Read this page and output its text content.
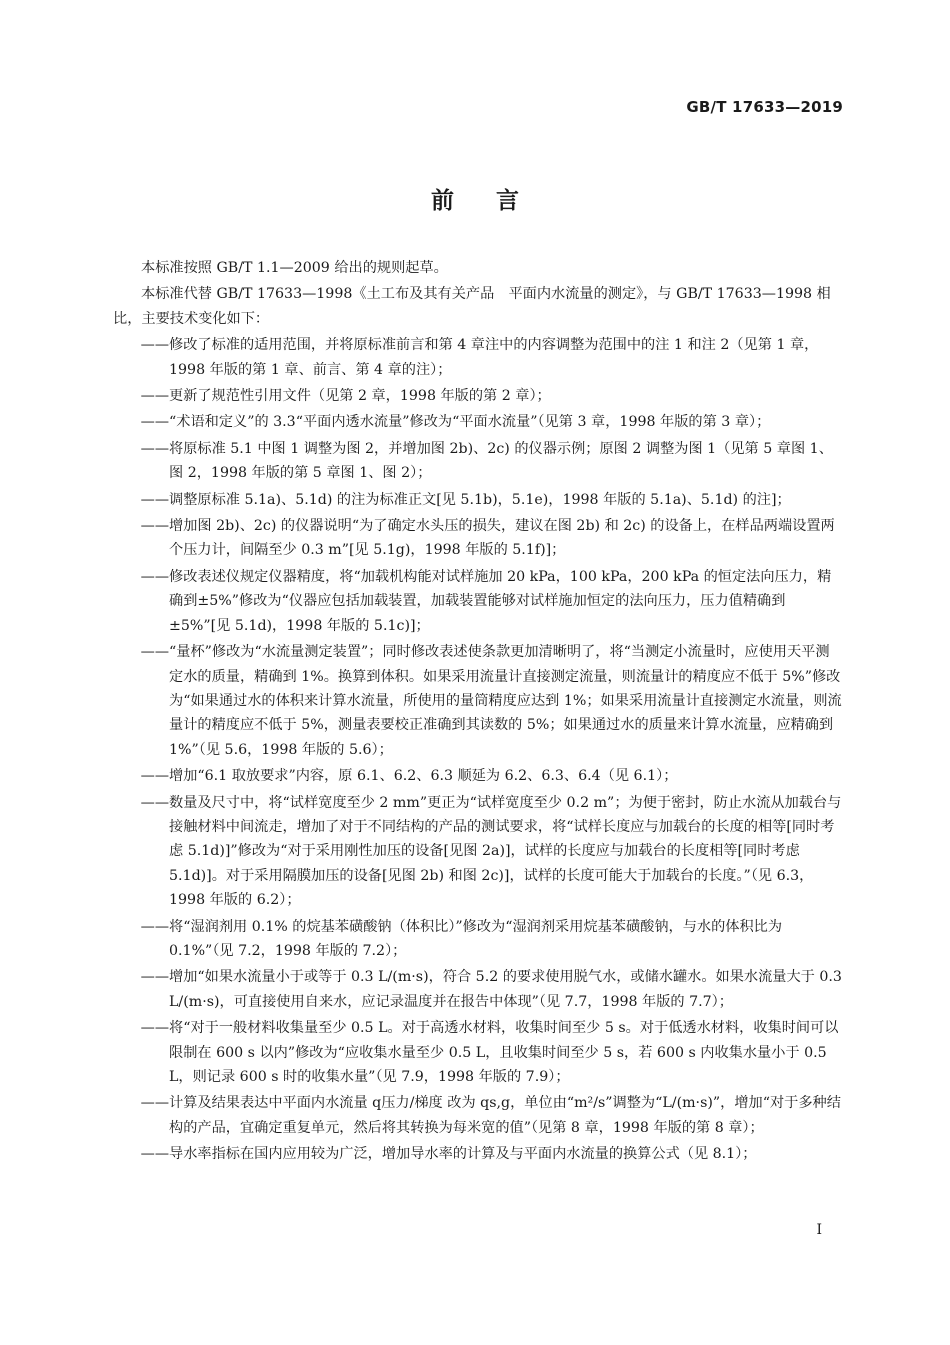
GB/T 17633—2019
前言

本标准按照 GB/T 1.1—2009 给出的规则起草。

本标准代替 GB/T 17633—1998《土工布及其有关产品　平面内水流量的测定》，与 GB/T 17633—1998 相比，主要技术变化如下：

—— 修改了标准的适用范围，并将原标准前言和第 4 章注中的内容调整为范围中的注 1 和注 2（见第 1 章，1998 年版的第 1 章、前言、第 4 章的注）；
—— 更新了规范性引用文件（见第 2 章，1998 年版的第 2 章）；
—— “术语和定义”的 3.3“平面内透水流量”修改为“平面水流量”（见第 3 章，1998 年版的第 3 章）；
—— 将原标准 5.1 中图 1 调整为图 2，并增加图 2b)、2c) 的仪器示例；原图 2 调整为图 1（见第 5 章图 1、图 2，1998 年版的第 5 章图 1、图 2）；
—— 调整原标准 5.1a)、5.1d) 的注为标准正文[见 5.1b)，5.1e)，1998 年版的 5.1a)、5.1d) 的注]；
—— 增加图 2b)、2c) 的仪器说明“为了确定水头压的损失，建议在图 2b) 和 2c) 的设备上，在样品两端设置两个压力计，间隔至少 0.3 m”[见 5.1g)，1998 年版的 5.1f)]；
—— 修改表述仪规定仪器精度，将“加载机构能对试样施加 20 kPa，100 kPa，200 kPa 的恒定法向压力，精确到±5%”修改为“仪器应包括加载装置，加载装置能够对试样施加恒定的法向压力，压力值精确到±5%”[见 5.1d)，1998 年版的 5.1c)]；
—— “量杯”修改为“水流量测定装置”；同时修改表述使条款更加清晰明了，将“当测定小流量时，应使用天平测定水的质量，精确到 1%。换算到体积。如果采用流量计直接测定流量，则流量计的精度应不低于 5%”修改为“如果通过水的体积来计算水流量，所使用的量筒精度应达到 1%；如果采用流量计直接测定水流量，则流量计的精度应不低于 5%，测量表要校正准确到其读数的 5%；如果通过水的质量来计算水流量，应精确到 1%”（见 5.6，1998 年版的 5.6）；
—— 增加“6.1 取放要求”内容，原 6.1、6.2、6.3 顺延为 6.2、6.3、6.4（见 6.1）；
—— 数量及尺寸中，将“试样宽度至少 2 mm”更正为“试样宽度至少 0.2 m”；为便于密封，防止水流从加载台与接触材料中间流走，增加了对于不同结构的产品的测试要求，将“试样长度应与加载台的长度的相等[同时考虑 5.1d)]”修改为“对于采用刚性加压的设备[见图 2a)]，试样的长度应与加载台的长度相等[同时考虑 5.1d)]。对于采用隔膜加压的设备[见图 2b) 和图 2c)]，试样的长度可能大于加载台的长度。”（见 6.3，1998 年版的 6.2）；
—— 将“湿润剂用 0.1% 的烷基苯磺酸钠（体积比）”修改为“湿润剂采用烷基苯磺酸钠，与水的体积比为 0.1%”（见 7.2，1998 年版的 7.2）；
—— 增加“如果水流量小于或等于 0.3 L/(m·s)，符合 5.2 的要求使用脱气水，或储水罐水。如果水流量大于 0.3 L/(m·s)，可直接使用自来水，应记录温度并在报告中体现”（见 7.7，1998 年版的 7.7）；
—— 将“对于一般材料收集量至少 0.5 L。对于高透水材料，收集时间至少 5 s。对于低透水材料，收集时间可以限制在 600 s 以内”修改为“应收集水量至少 0.5 L，且收集时间至少 5 s，若 600 s 内收集水量小于 0.5 L，则记录 600 s 时的收集水量”（见 7.9，1998 年版的 7.9）；
—— 计算及结果表达中平面内水流量 q压力/梯度 改为 qs,g，单位由“m²/s”调整为“L/(m·s)”，增加“对于多种结构的产品，宜确定重复单元，然后将其转换为每米宽的值”（见第 8 章，1998 年版的第 8 章）；
—— 导水率指标在国内应用较为广泛，增加导水率的计算及与平面内水流量的换算公式（见 8.1）；
Ⅰ
